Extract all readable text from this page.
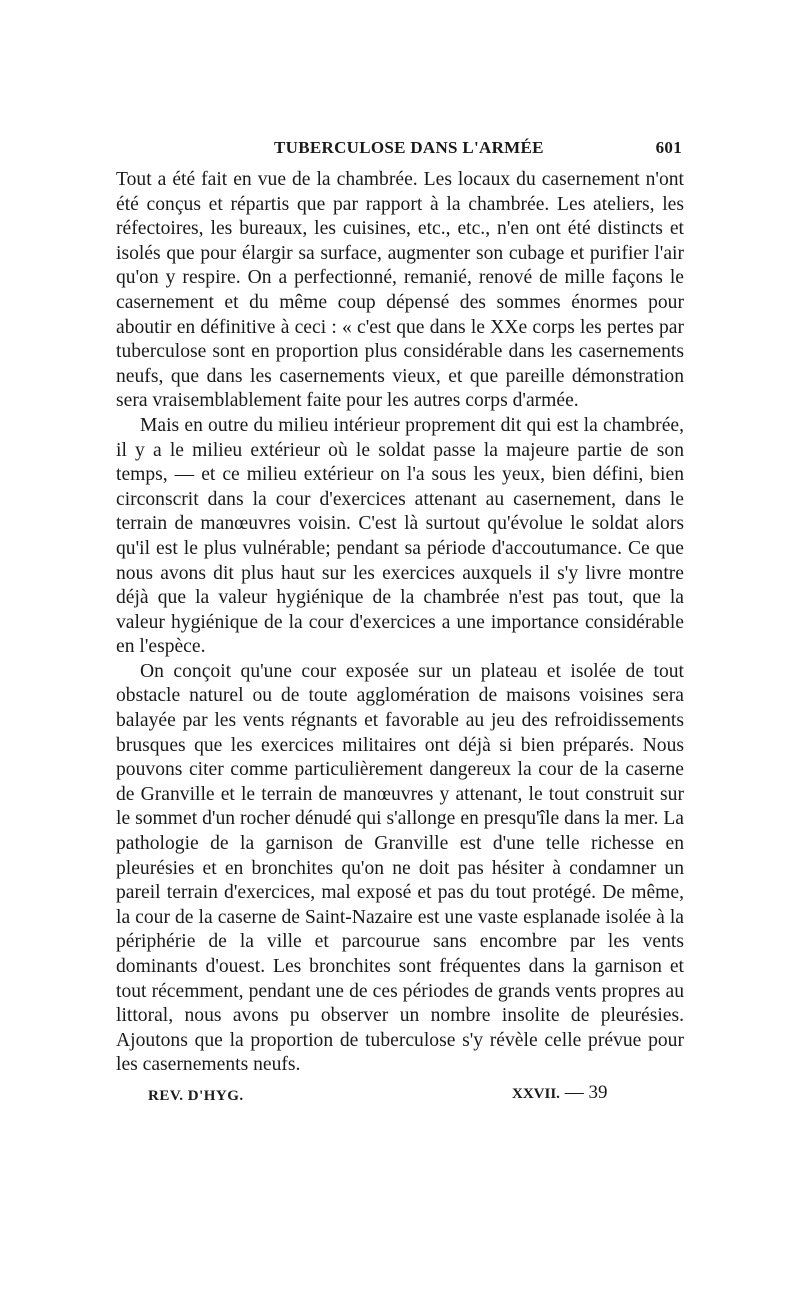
TUBERCULOSE DANS L'ARMÉE	601

Tout a été fait en vue de la chambrée. Les locaux du casernement n'ont été conçus et répartis que par rapport à la chambrée. Les ateliers, les réfectoires, les bureaux, les cuisines, etc., etc., n'en ont été distincts et isolés que pour élargir sa surface, augmenter son cubage et purifier l'air qu'on y respire. On a perfectionné, remanié, renové de mille façons le casernement et du même coup dépensé des sommes énormes pour aboutir en définitive à ceci : « c'est que dans le XXe corps les pertes par tuberculose sont en proportion plus considérable dans les casernements neufs, que dans les casernements vieux, et que pareille démonstration sera vraisemblablement faite pour les autres corps d'armée.

Mais en outre du milieu intérieur proprement dit qui est la chambrée, il y a le milieu extérieur où le soldat passe la majeure partie de son temps, — et ce milieu extérieur on l'a sous les yeux, bien défini, bien circonscrit dans la cour d'exercices attenant au casernement, dans le terrain de manœuvres voisin. C'est là surtout qu'évolue le soldat alors qu'il est le plus vulnérable; pendant sa période d'accoutumance. Ce que nous avons dit plus haut sur les exercices auxquels il s'y livre montre déjà que la valeur hygiénique de la chambrée n'est pas tout, que la valeur hygiénique de la cour d'exercices a une importance considérable en l'espèce.

On conçoit qu'une cour exposée sur un plateau et isolée de tout obstacle naturel ou de toute agglomération de maisons voisines sera balayée par les vents régnants et favorable au jeu des refroidissements brusques que les exercices militaires ont déjà si bien préparés. Nous pouvons citer comme particulièrement dangereux la cour de la caserne de Granville et le terrain de manœuvres y attenant, le tout construit sur le sommet d'un rocher dénudé qui s'allonge en presqu'île dans la mer. La pathologie de la garnison de Granville est d'une telle richesse en pleurésies et en bronchites qu'on ne doit pas hésiter à condamner un pareil terrain d'exercices, mal exposé et pas du tout protégé. De même, la cour de la caserne de Saint-Nazaire est une vaste esplanade isolée à la périphérie de la ville et parcourue sans encombre par les vents dominants d'ouest. Les bronchites sont fréquentes dans la garnison et tout récemment, pendant une de ces périodes de grands vents propres au littoral, nous avons pu observer un nombre insolite de pleurésies. Ajoutons que la proportion de tuberculose s'y révèle celle prévue pour les casernements neufs.

REV. D'HYG.	XXVII. — 39
